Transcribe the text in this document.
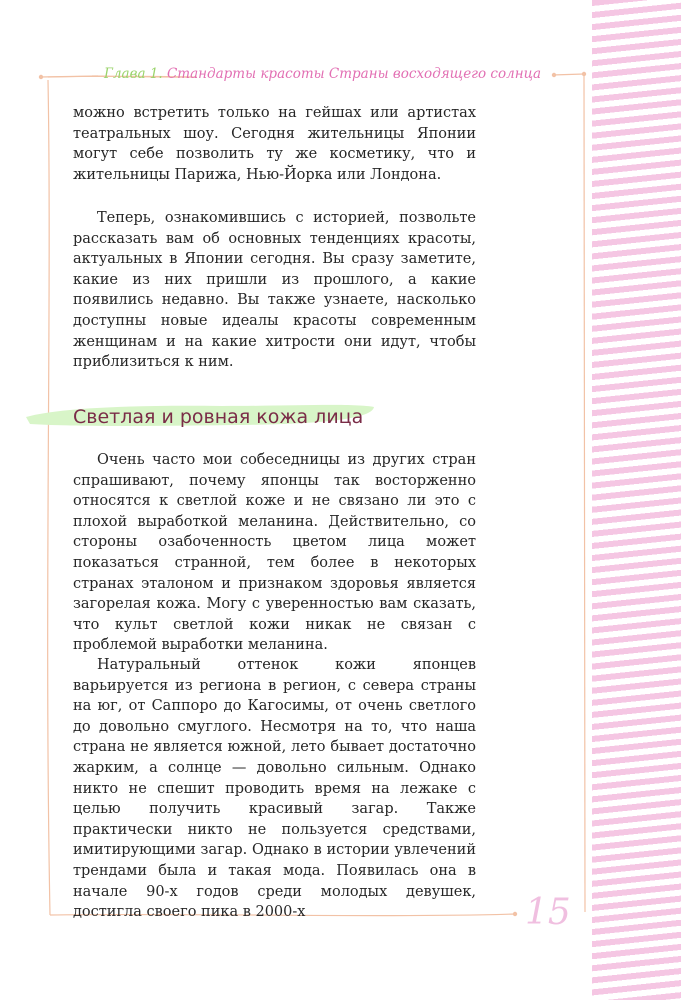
Глава 1. Стандарты красоты Страны восходящего солнца

можно встретить только на гейшах или артистах театральных шоу. Сегодня жительницы Японии могут себе позволить ту же косметику, что и жительницы Парижа, Нью-Йорка или Лондона.

Теперь, ознакомившись с историей, позвольте рассказать вам об основных тенденциях красоты, актуальных в Японии сегодня. Вы сразу заметите, какие из них пришли из прошлого, а какие появились недавно. Вы также узнаете, насколько доступны новые идеалы красоты современным женщинам и на какие хитрости они идут, чтобы приблизиться к ним.

Светлая и ровная кожа лица

Очень часто мои собеседницы из других стран спрашивают, почему японцы так восторженно относятся к светлой коже и не связано ли это с плохой выработкой меланина. Действительно, со стороны озабоченность цветом лица может показаться странной, тем более в некоторых странах эталоном и признаком здоровья является загорелая кожа. Могу с уверенностью вам сказать, что культ светлой кожи никак не связан с проблемой выработки меланина.

Натуральный оттенок кожи японцев варьируется из региона в регион, с севера страны на юг, от Саппоро до Кагосимы, от очень светлого до довольно смуглого. Несмотря на то, что наша страна не является южной, лето бывает достаточно жарким, а солнце — довольно сильным. Однако никто не спешит проводить время на лежаке с целью получить красивый загар. Также практически никто не пользуется средствами, имитирующими загар. Однако в истории увлечений трендами была и такая мода. Появилась она в начале 90-х годов среди молодых девушек, достигла своего пика в 2000-х	15
